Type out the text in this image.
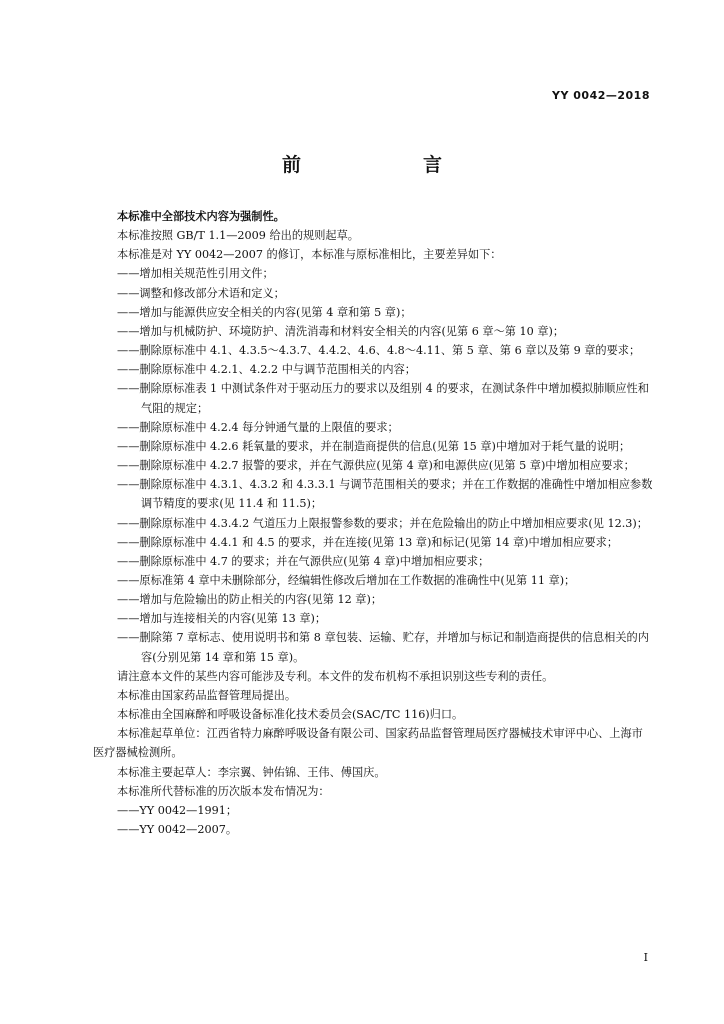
YY 0042—2018
前　　言

本标准中全部技术内容为强制性。

本标准按照 GB/T 1.1—2009 给出的规则起草。

本标准是对 YY 0042—2007 的修订，本标准与原标准相比，主要差异如下：

——增加相关规范性引用文件；

——调整和修改部分术语和定义；

——增加与能源供应安全相关的内容(见第 4 章和第 5 章)；

——增加与机械防护、环境防护、清洗消毒和材料安全相关的内容(见第 6 章～第 10 章)；

——删除原标准中 4.1、4.3.5～4.3.7、4.4.2、4.6、4.8～4.11、第 5 章、第 6 章以及第 9 章的要求；

——删除原标准中 4.2.1、4.2.2 中与调节范围相关的内容；

——删除原标准表 1 中测试条件对于驱动压力的要求以及组别 4 的要求，在测试条件中增加模拟肺顺应性和气阻的规定；

——删除原标准中 4.2.4 每分钟通气量的上限值的要求；

——删除原标准中 4.2.6 耗氧量的要求，并在制造商提供的信息(见第 15 章)中增加对于耗气量的说明；

——删除原标准中 4.2.7 报警的要求，并在气源供应(见第 4 章)和电源供应(见第 5 章)中增加相应要求；

——删除原标准中 4.3.1、4.3.2 和 4.3.3.1 与调节范围相关的要求；并在工作数据的准确性中增加相应参数调节精度的要求(见 11.4 和 11.5)；

——删除原标准中 4.3.4.2 气道压力上限报警参数的要求；并在危险输出的防止中增加相应要求(见 12.3)；

——删除原标准中 4.4.1 和 4.5 的要求，并在连接(见第 13 章)和标记(见第 14 章)中增加相应要求；

——删除原标准中 4.7 的要求；并在气源供应(见第 4 章)中增加相应要求；

——原标准第 4 章中未删除部分，经编辑性修改后增加在工作数据的准确性中(见第 11 章)；

——增加与危险输出的防止相关的内容(见第 12 章)；

——增加与连接相关的内容(见第 13 章)；

——删除第 7 章标志、使用说明书和第 8 章包装、运输、贮存，并增加与标记和制造商提供的信息相关的内容(分别见第 14 章和第 15 章)。

请注意本文件的某些内容可能涉及专利。本文件的发布机构不承担识别这些专利的责任。

本标准由国家药品监督管理局提出。

本标准由全国麻醉和呼吸设备标准化技术委员会(SAC/TC 116)归口。

本标准起草单位：江西省特力麻醉呼吸设备有限公司、国家药品监督管理局医疗器械技术审评中心、上海市医疗器械检测所。

本标准主要起草人：李宗翼、钟佑锦、王伟、傅国庆。

本标准所代替标准的历次版本发布情况为：

——YY 0042—1991；

——YY 0042—2007。

I
